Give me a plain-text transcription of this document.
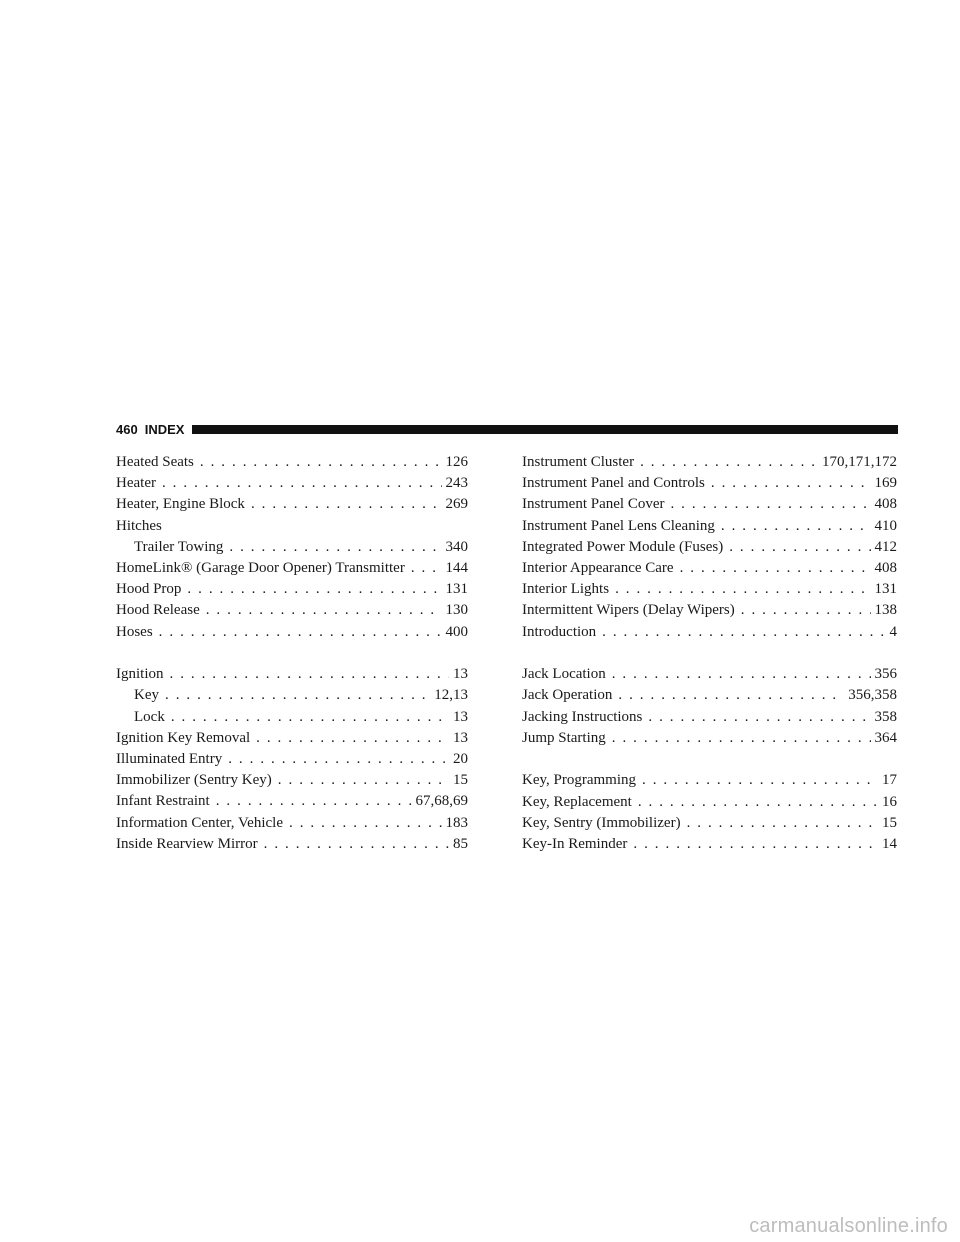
460 INDEX
Heated Seats . . .	126
Heater . . .	243
Heater, Engine Block . . .	269
Hitches
Trailer Towing . . .	340
HomeLink® (Garage Door Opener) Transmitter . . .	144
Hood Prop . . .	131
Hood Release . . .	130
Hoses . . .	400
Ignition . . .	13
Key . . .	12,13
Lock . . .	13
Ignition Key Removal . . .	13
Illuminated Entry . . .	20
Immobilizer (Sentry Key) . . .	15
Infant Restraint . . .	67,68,69
Information Center, Vehicle . . .	183
Inside Rearview Mirror . . .	85
Instrument Cluster . . .	170,171,172
Instrument Panel and Controls . . .	169
Instrument Panel Cover . . .	408
Instrument Panel Lens Cleaning . . .	410
Integrated Power Module (Fuses) . . .	412
Interior Appearance Care . . .	408
Interior Lights . . .	131
Intermittent Wipers (Delay Wipers) . . .	138
Introduction . . .	4
Jack Location . . .	356
Jack Operation . . .	356,358
Jacking Instructions . . .	358
Jump Starting . . .	364
Key, Programming . . .	17
Key, Replacement . . .	16
Key, Sentry (Immobilizer) . . .	15
Key-In Reminder . . .	14
carmanualsonline.info
